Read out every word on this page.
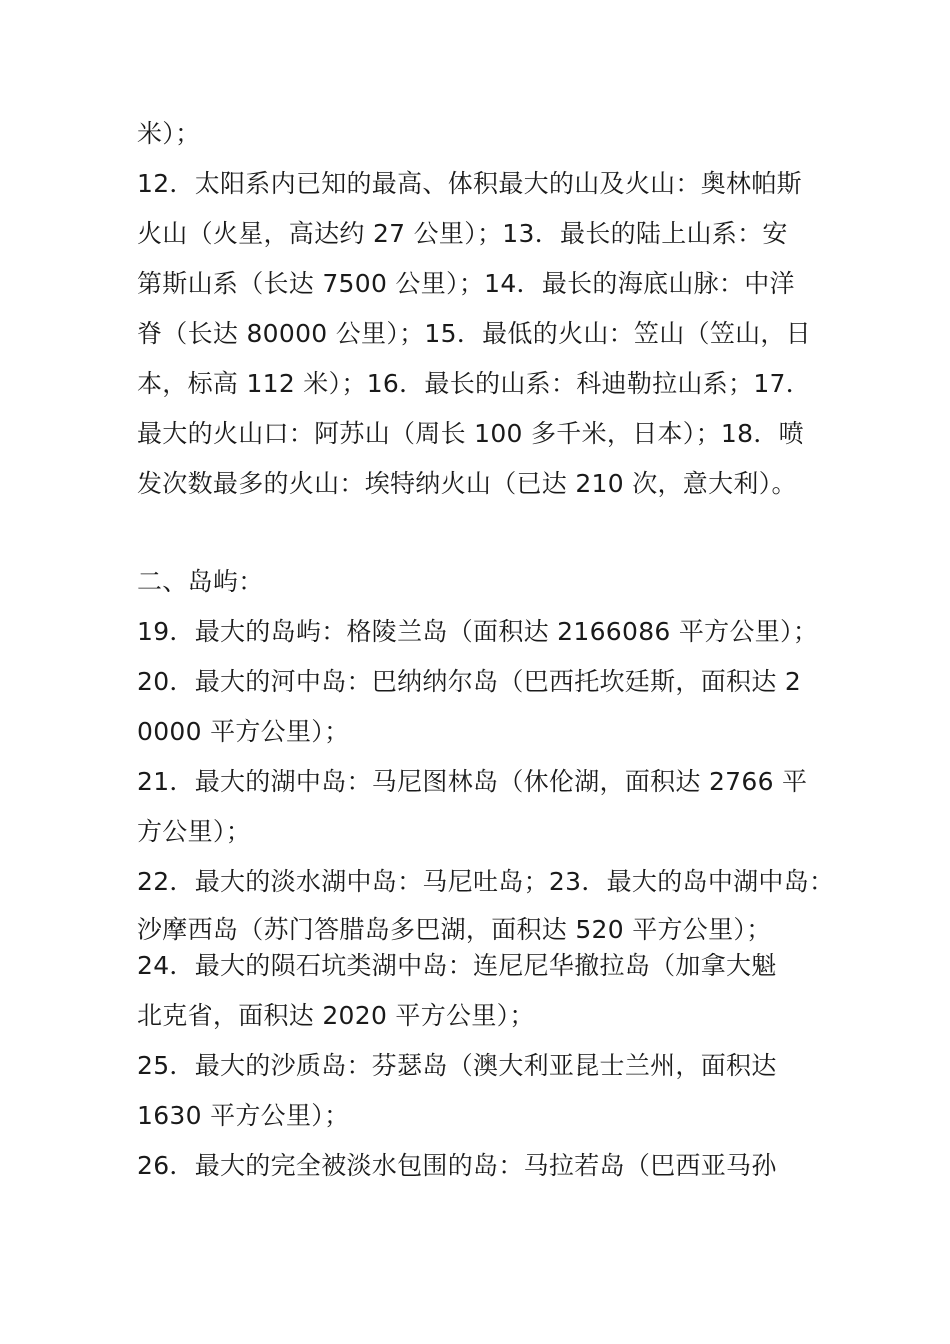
米）；
12．太阳系内已知的最高、体积最大的山及火山：奥林帕斯
火山（火星，高达约 27 公里）；13．最长的陆上山系：安
第斯山系（长达 7500 公里）；14．最长的海底山脉：中洋
脊（长达 80000 公里）；15．最低的火山：笠山（笠山，日
本，标高 112 米）；16．最长的山系：科迪勒拉山系；17．
最大的火山口：阿苏山（周长 100 多千米，日本）；18．喷
发次数最多的火山：埃特纳火山（已达 210 次，意大利）。
二、岛屿：
19．最大的岛屿：格陵兰岛（面积达 2166086 平方公里）；
20．最大的河中岛：巴纳纳尔岛（巴西托坎廷斯，面积达 2
0000 平方公里）；
21．最大的湖中岛：马尼图林岛（休伦湖，面积达 2766 平
方公里）；
22．最大的淡水湖中岛：马尼吐岛；23．最大的岛中湖中岛：
沙摩西岛（苏门答腊岛多巴湖，面积达 520 平方公里）；
24．最大的陨石坑类湖中岛：连尼尼华撤拉岛（加拿大魁
北克省，面积达 2020 平方公里）；
25．最大的沙质岛：芬瑟岛（澳大利亚昆士兰州，面积达
1630 平方公里）；
26．最大的完全被淡水包围的岛：马拉若岛（巴西亚马孙
